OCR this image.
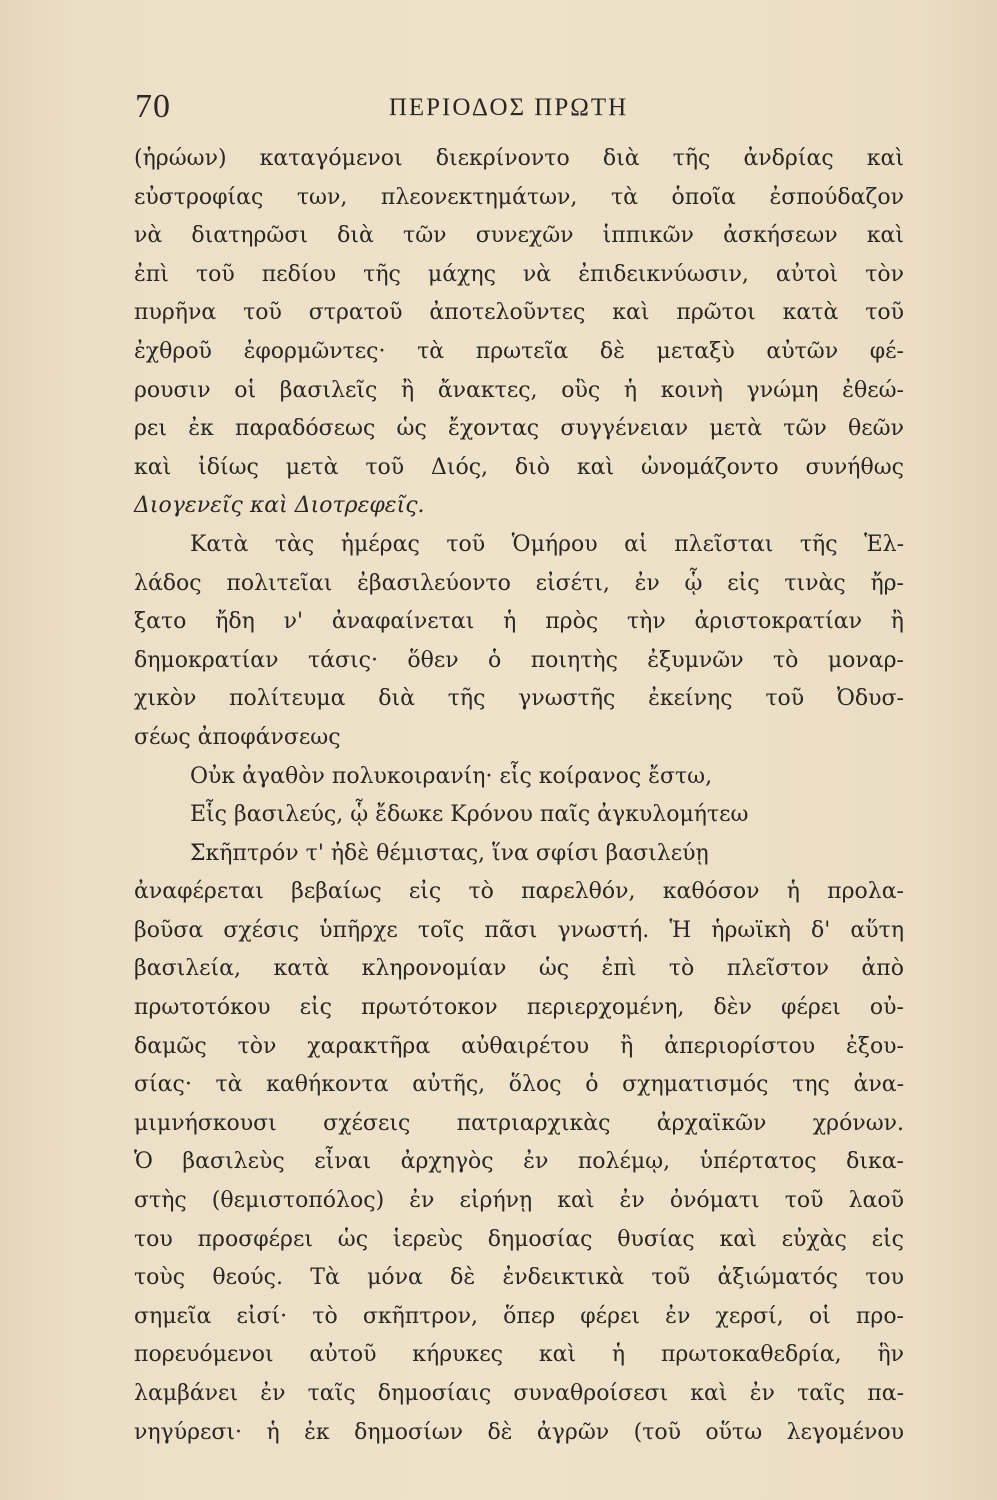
70	ΠΕΡΙΟΔΟΣ ΠΡΩΤΗ
(ἡρώων) καταγόμενοι διεκρίνοντο διὰ τῆς ἀνδρίας καὶ
εὐστροφίας των, πλεονεκτημάτων, τὰ ὁποῖα ἐσπούδαζον
νὰ διατηρῶσι διὰ τῶν συνεχῶν ἱππικῶν ἀσκήσεων καὶ
ἐπὶ τοῦ πεδίου τῆς μάχης νὰ ἐπιδεικνύωσιν, αὐτοὶ τὸν
πυρῆνα τοῦ στρατοῦ ἀποτελοῦντες καὶ πρῶτοι κατὰ τοῦ
ἐχθροῦ ἐφορμῶντες· τὰ πρωτεῖα δὲ μεταξὺ αὐτῶν φέ-
ρουσιν οἱ βασιλεῖς ἢ ἄνακτες, οὓς ἡ κοινὴ γνώμη ἐθεώ-
ρει ἐκ παραδόσεως ὡς ἔχοντας συγγένειαν μετὰ τῶν θεῶν
καὶ ἰδίως μετὰ τοῦ Διός, διὸ καὶ ὠνομάζοντο συνήθως
Διογενεῖς καὶ Διοτρεφεῖς.
Κατὰ τὰς ἡμέρας τοῦ Ὁμήρου αἱ πλεῖσται τῆς Ἑλ-
λάδος πολιτεῖαι ἐβασιλεύοντο εἰσέτι, ἐν ᾧ εἰς τινὰς ἤρ-
ξατο ἤδη ν' ἀναφαίνεται ἡ πρὸς τὴν ἀριστοκρατίαν ἢ
δημοκρατίαν τάσις· ὅθεν ὁ ποιητὴς ἐξυμνῶν τὸ μοναρ-
χικὸν πολίτευμα διὰ τῆς γνωστῆς ἐκείνης τοῦ Ὀδυσ-
σέως ἀποφάνσεως
Οὐκ ἀγαθὸν πολυκοιρανίη· εἷς κοίρανος ἔστω,
Εἷς βασιλεύς, ᾧ ἔδωκε Κρόνου παῖς ἀγκυλομήτεω
Σκῆπτρόν τ' ἠδὲ θέμιστας, ἵνα σφίσι βασιλεύῃ
ἀναφέρεται βεβαίως εἰς τὸ παρελθόν, καθόσον ἡ προλα-
βοῦσα σχέσις ὑπῆρχε τοῖς πᾶσι γνωστή. Ἡ ἡρωϊκὴ δ' αὕτη
βασιλεία, κατὰ κληρονομίαν ὡς ἐπὶ τὸ πλεῖστον ἀπὸ
πρωτοτόκου εἰς πρωτότοκον περιερχομένη, δὲν φέρει οὐ-
δαμῶς τὸν χαρακτῆρα αὐθαιρέτου ἢ ἀπεριορίστου ἐξου-
σίας· τὰ καθήκοντα αὐτῆς, ὅλος ὁ σχηματισμός της ἀνα-
μιμνήσκουσι σχέσεις πατριαρχικὰς ἀρχαϊκῶν χρόνων.
Ὁ βασιλεὺς εἶναι ἀρχηγὸς ἐν πολέμῳ, ὑπέρτατος δικα-
στὴς (θεμιστοπόλος) ἐν εἰρήνῃ καὶ ἐν ὀνόματι τοῦ λαοῦ
του προσφέρει ὡς ἱερεὺς δημοσίας θυσίας καὶ εὐχὰς εἰς
τοὺς θεούς. Τὰ μόνα δὲ ἐνδεικτικὰ τοῦ ἀξιώματός του
σημεῖα εἰσί· τὸ σκῆπτρον, ὅπερ φέρει ἐν χερσί, οἱ προ-
πορευόμενοι αὐτοῦ κήρυκες καὶ ἡ πρωτοκαθεδρία, ἣν
λαμβάνει ἐν ταῖς δημοσίαις συναθροίσεσι καὶ ἐν ταῖς πα-
νηγύρεσι· ἡ ἐκ δημοσίων δὲ ἀγρῶν (τοῦ οὕτω λεγομένου
